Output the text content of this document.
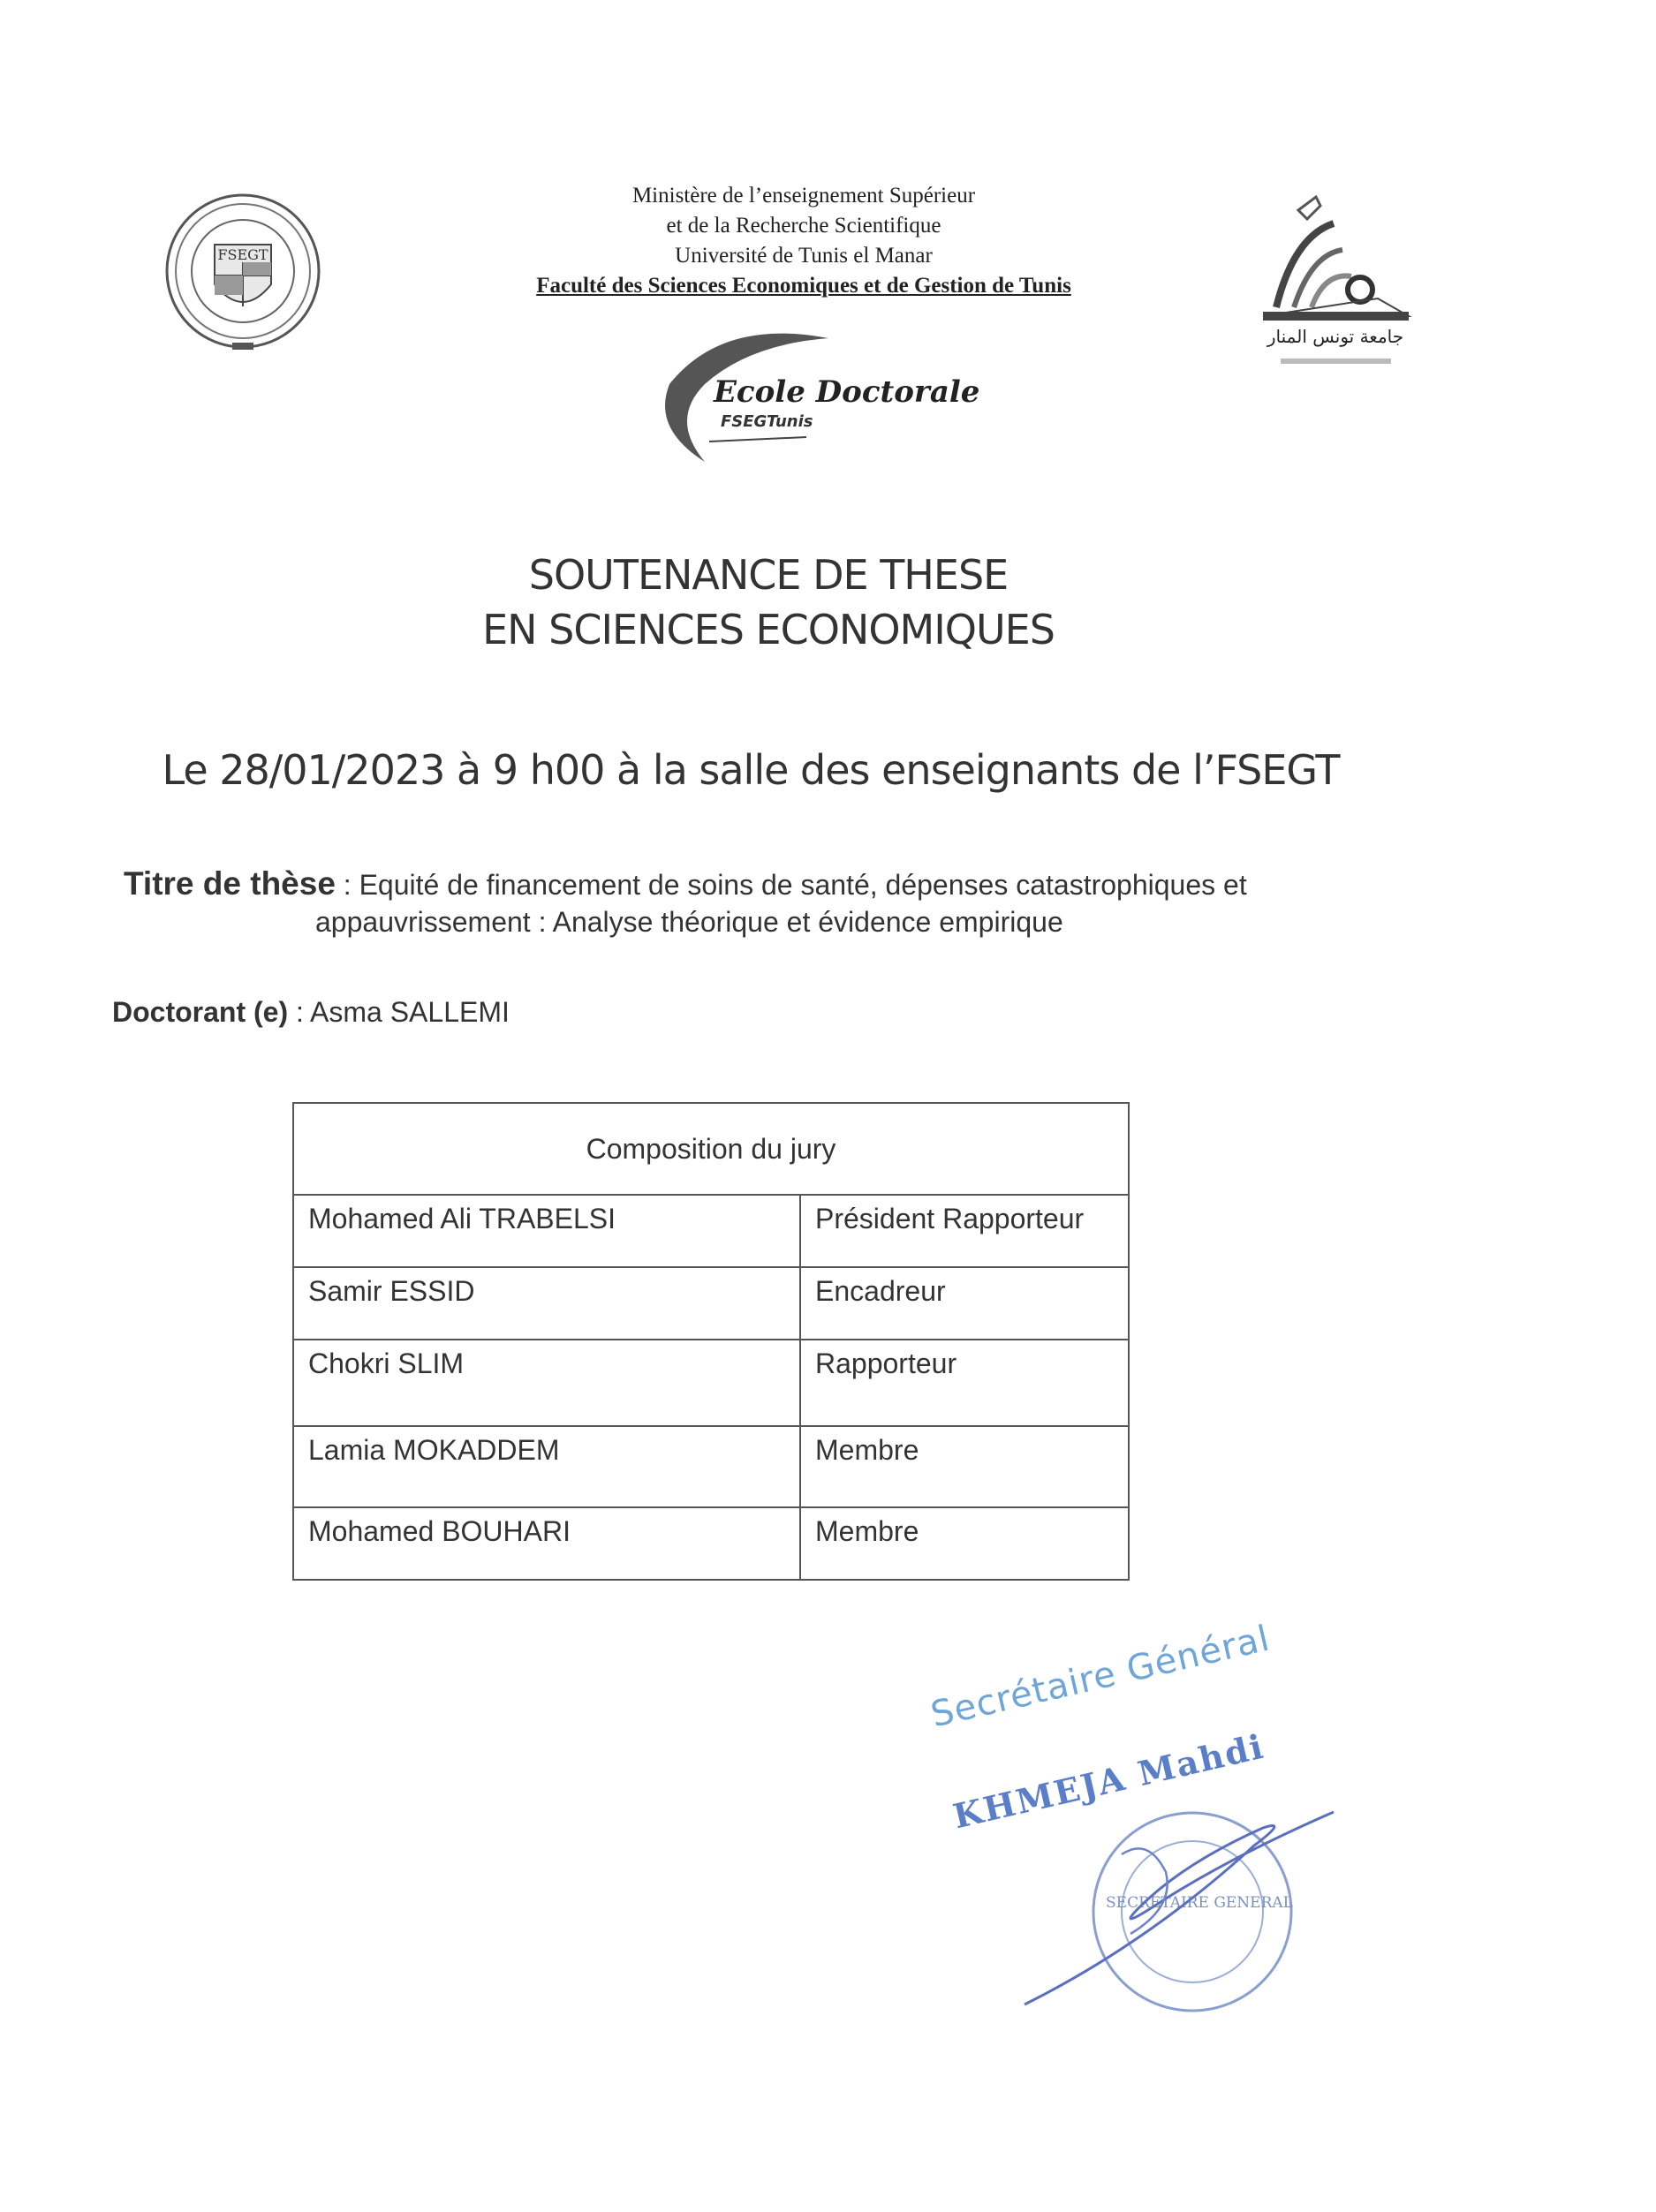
FSEGT
Ministère de l’enseignement Supérieur
et de la Recherche Scientifique
Université de Tunis el Manar
Faculté des Sciences Economiques et de Gestion de Tunis
جامعة تونس المنار
Ecole Doctorale
FSEGTunis
SOUTENANCE DE THESE
EN SCIENCES ECONOMIQUES
Le 28/01/2023 à 9 h00 à la salle des enseignants de l’FSEGT
Titre de thèse : Equité de financement de soins de santé, dépenses catastrophiques et
appauvrissement : Analyse théorique et évidence empirique
Doctorant (e) : Asma SALLEMI
Composition du jury	
Mohamed Ali TRABELSI	Président Rapporteur
Samir ESSID	Encadreur
Chokri SLIM	Rapporteur
Lamia MOKADDEM	Membre
Mohamed BOUHARI	Membre
Secrétaire Général
KHMEJA Mahdi
SECRETAIRE GENERAL
